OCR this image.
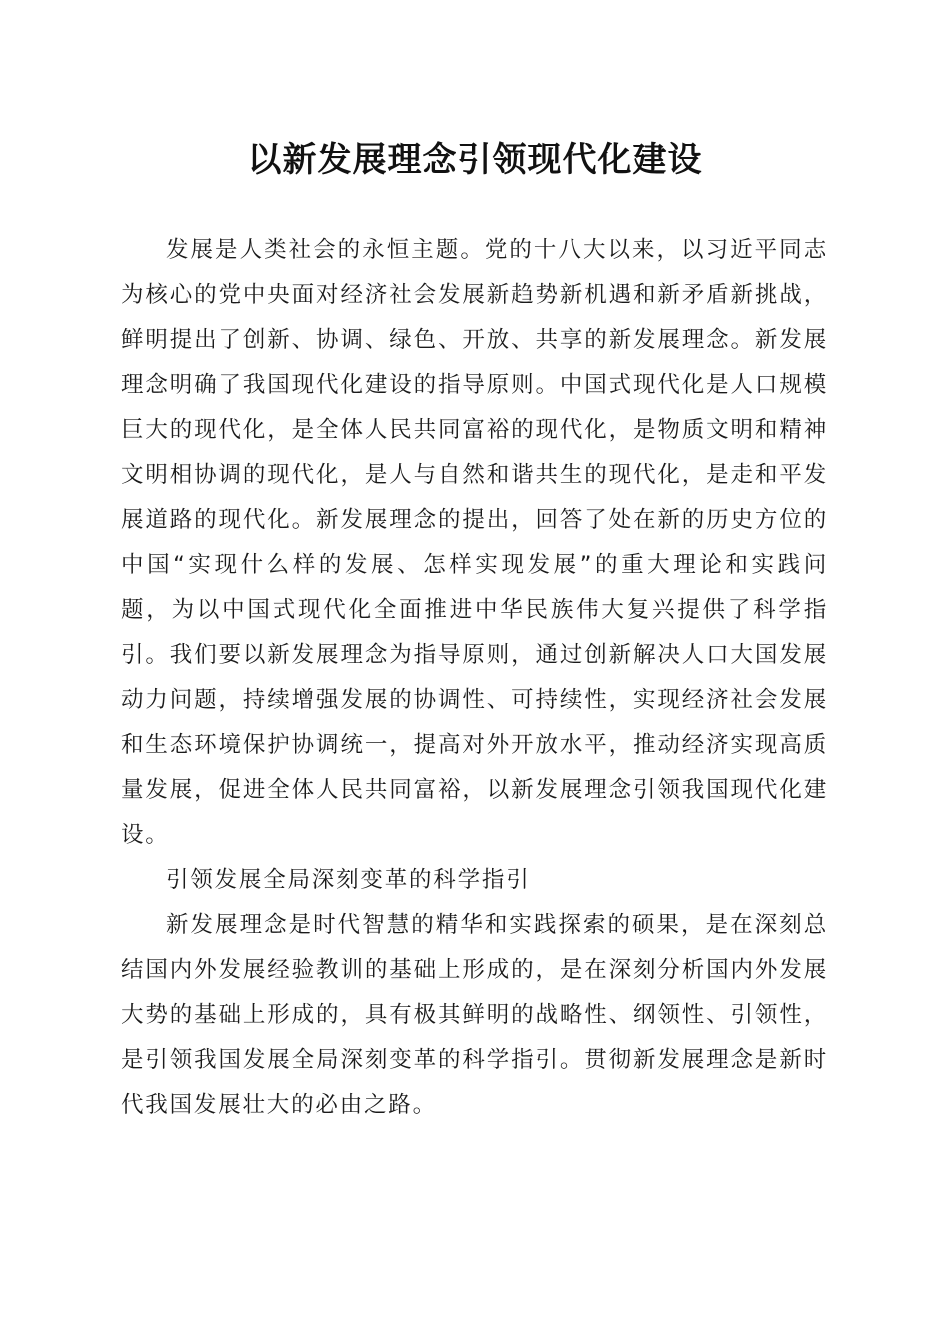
以新发展理念引领现代化建设

发展是人类社会的永恒主题。党的十八大以来，以习近平同志为核心的党中央面对经济社会发展新趋势新机遇和新矛盾新挑战，鲜明提出了创新、协调、绿色、开放、共享的新发展理念。新发展理念明确了我国现代化建设的指导原则。中国式现代化是人口规模巨大的现代化，是全体人民共同富裕的现代化，是物质文明和精神文明相协调的现代化，是人与自然和谐共生的现代化，是走和平发展道路的现代化。新发展理念的提出，回答了处在新的历史方位的中国“实现什么样的发展、怎样实现发展”的重大理论和实践问题，为以中国式现代化全面推进中华民族伟大复兴提供了科学指引。我们要以新发展理念为指导原则，通过创新解决人口大国发展动力问题，持续增强发展的协调性、可持续性，实现经济社会发展和生态环境保护协调统一，提高对外开放水平，推动经济实现高质量发展，促进全体人民共同富裕，以新发展理念引领我国现代化建设。

引领发展全局深刻变革的科学指引

新发展理念是时代智慧的精华和实践探索的硕果，是在深刻总结国内外发展经验教训的基础上形成的，是在深刻分析国内外发展大势的基础上形成的，具有极其鲜明的战略性、纲领性、引领性，是引领我国发展全局深刻变革的科学指引。贯彻新发展理念是新时代我国发展壮大的必由之路。
